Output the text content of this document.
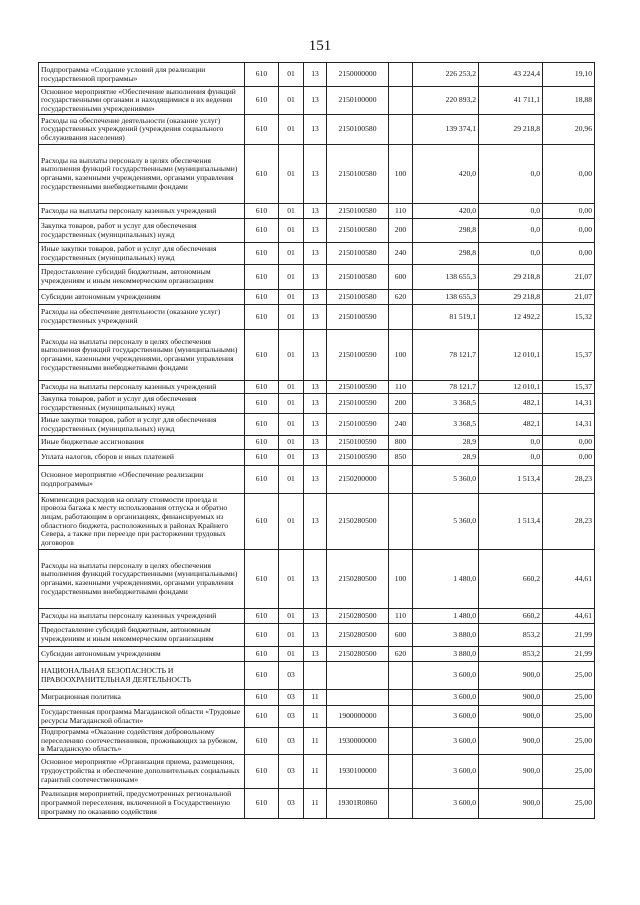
151
Подпрограмма «Создание условий для реализации государственной программы»	610	01	13	2150000000		226 253,2	43 224,4	19,10
Основное мероприятие «Обеспечение выполнения функций государственными органами и находящимися в их ведении государственными учреждениями»	610	01	13	2150100000		220 893,2	41 711,1	18,88
Расходы на обеспечение деятельности (оказание услуг) государственных учреждений (учреждения социального обслуживания населения)	610	01	13	2150100580		139 374,1	29 218,8	20,96
Расходы на выплаты персоналу в целях обеспечения выполнения функций государственными (муниципальными) органами, казенными учреждениями, органами управления государственными внебюджетными фондами	610	01	13	2150100580	100	420,0	0,0	0,00
Расходы на выплаты персоналу казенных учреждений	610	01	13	2150100580	110	420,0	0,0	0,00
Закупка товаров, работ и услуг для обеспечения государственных (муниципальных) нужд	610	01	13	2150100580	200	298,8	0,0	0,00
Иные закупки товаров, работ и услуг для обеспечения государственных (муниципальных) нужд	610	01	13	2150100580	240	298,8	0,0	0,00
Предоставление субсидий бюджетным, автономным учреждениям и иным некоммерческим организациям	610	01	13	2150100580	600	138 655,3	29 218,8	21,07
Субсидии автономным учреждениям	610	01	13	2150100580	620	138 655,3	29 218,8	21,07
Расходы на обеспечение деятельности (оказание услуг) государственных учреждений	610	01	13	2150100590		81 519,1	12 492,2	15,32
Расходы на выплаты персоналу в целях обеспечения выполнения функций государственными (муниципальными) органами, казенными учреждениями, органами управления государственными внебюджетными фондами	610	01	13	2150100590	100	78 121,7	12 010,1	15,37
Расходы на выплаты персоналу казенных учреждений	610	01	13	2150100590	110	78 121,7	12 010,1	15,37
Закупка товаров, работ и услуг для обеспечения государственных (муниципальных) нужд	610	01	13	2150100590	200	3 368,5	482,1	14,31
Иные закупки товаров, работ и услуг для обеспечения государственных (муниципальных) нужд	610	01	13	2150100590	240	3 368,5	482,1	14,31
Иные бюджетные ассигнования	610	01	13	2150100590	800	28,9	0,0	0,00
Уплата налогов, сборов и иных платежей	610	01	13	2150100590	850	28,9	0,0	0,00
Основное мероприятие «Обеспечение реализации подпрограммы»	610	01	13	2150200000		5 360,0	1 513,4	28,23
Компенсация расходов на оплату стоимости проезда и провоза багажа к месту использования отпуска и обратно лицам, работающим в организациях, финансируемых из областного бюджета, расположенных в районах Крайнего Севера, а также при переезде при расторжении трудовых договоров	610	01	13	2150280500		5 360,0	1 513,4	28,23
Расходы на выплаты персоналу в целях обеспечения выполнения функций государственными (муниципальными) органами, казенными учреждениями, органами управления государственными внебюджетными фондами	610	01	13	2150280500	100	1 480,0	660,2	44,61
Расходы на выплаты персоналу казенных учреждений	610	01	13	2150280500	110	1 480,0	660,2	44,61
Предоставление субсидий бюджетным, автономным учреждениям и иным некоммерческим организациям	610	01	13	2150280500	600	3 880,0	853,2	21,99
Субсидии автономным учреждениям	610	01	13	2150280500	620	3 880,0	853,2	21,99
НАЦИОНАЛЬНАЯ БЕЗОПАСНОСТЬ И ПРАВООХРАНИТЕЛЬНАЯ ДЕЯТЕЛЬНОСТЬ	610	03				3 600,0	900,0	25,00
Миграционная политика	610	03	11			3 600,0	900,0	25,00
Государственная программа Магаданской области «Трудовые ресурсы Магаданской области»	610	03	11	1900000000		3 600,0	900,0	25,00
Подпрограмма «Оказание содействия добровольному переселению соотечественников, проживающих за рубежом, в Магаданскую область»	610	03	11	1930000000		3 600,0	900,0	25,00
Основное мероприятие «Организация приема, размещения, трудоустройства и обеспечение дополнительных социальных гарантий соотечественникам»	610	03	11	1930100000		3 600,0	900,0	25,00
Реализация мероприятий, предусмотренных региональной программой переселения, включенной в Государственную программу по оказанию содействия	610	03	11	19301R0860		3 600,0	900,0	25,00
